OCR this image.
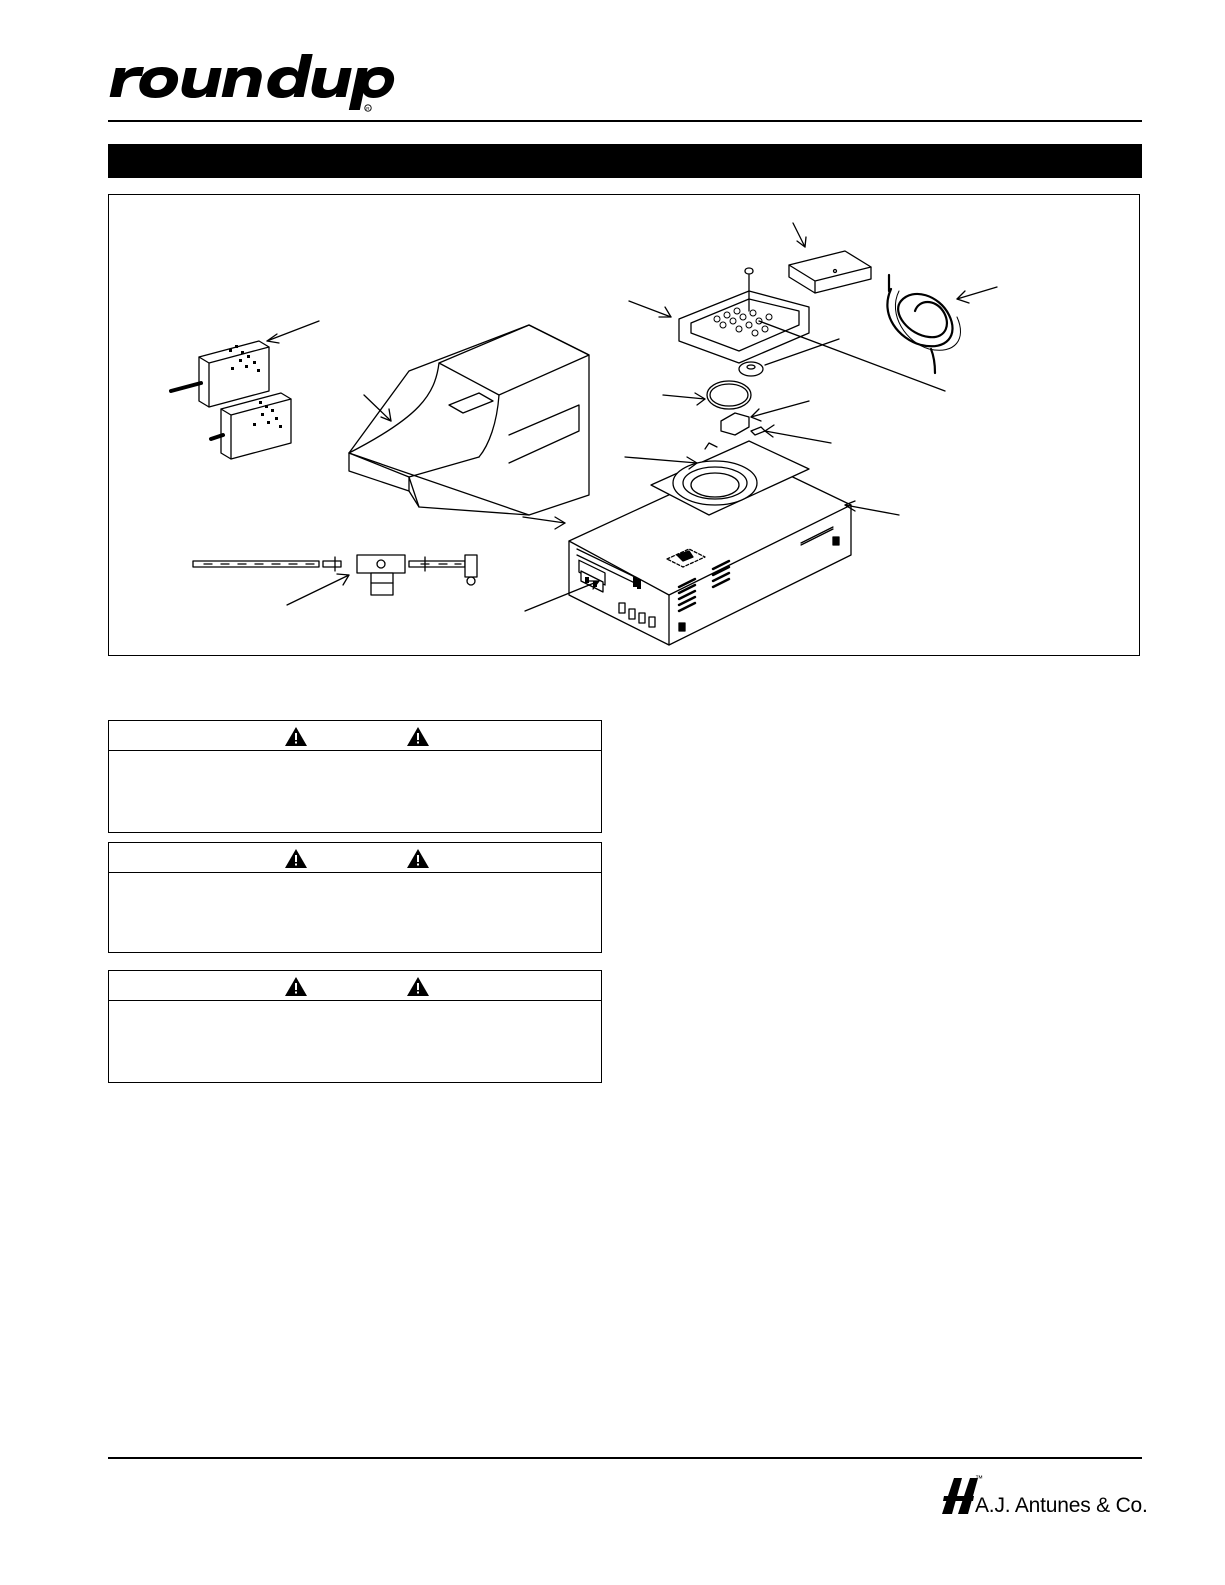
R
™
A.J. Antunes & Co.
